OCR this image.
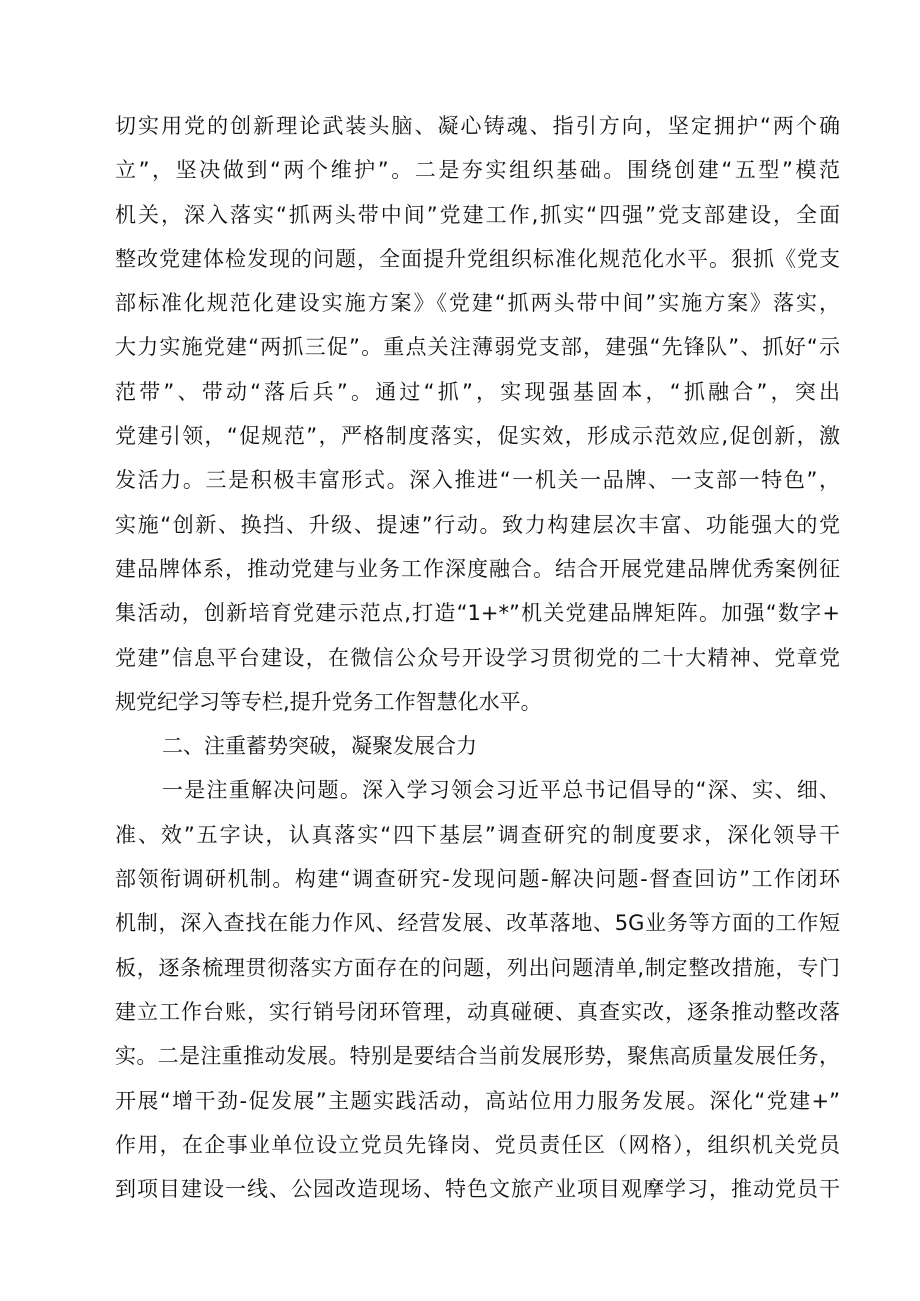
切实用党的创新理论武装头脑、凝心铸魂、指引方向，坚定拥护“两个确
立”，坚决做到“两个维护”。二是夯实组织基础。围绕创建“五型”模范
机关，深入落实“抓两头带中间”党建工作,抓实“四强”党支部建设，全面
整改党建体检发现的问题，全面提升党组织标准化规范化水平。狠抓《党支
部标准化规范化建设实施方案》《党建“抓两头带中间”实施方案》落实，
大力实施党建“两抓三促”。重点关注薄弱党支部，建强“先锋队”、抓好“示
范带”、带动“落后兵”。通过“抓”，实现强基固本，“抓融合”，突出
党建引领，“促规范”，严格制度落实，促实效，形成示范效应,促创新，激
发活力。三是积极丰富形式。深入推进“一机关一品牌、一支部一特色”，
实施“创新、换挡、升级、提速”行动。致力构建层次丰富、功能强大的党
建品牌体系，推动党建与业务工作深度融合。结合开展党建品牌优秀案例征
集活动，创新培育党建示范点,打造“1+*”机关党建品牌矩阵。加强“数字+
党建”信息平台建设，在微信公众号开设学习贯彻党的二十大精神、党章党
规党纪学习等专栏,提升党务工作智慧化水平。
二、注重蓄势突破，凝聚发展合力
一是注重解决问题。深入学习领会习近平总书记倡导的“深、实、细、
准、效”五字诀，认真落实“四下基层”调查研究的制度要求，深化领导干
部领衔调研机制。构建“调查研究-发现问题-解决问题-督查回访”工作闭环
机制，深入查找在能力作风、经营发展、改革落地、5G业务等方面的工作短
板，逐条梳理贯彻落实方面存在的问题，列出问题清单,制定整改措施，专门
建立工作台账，实行销号闭环管理，动真碰硬、真查实改，逐条推动整改落
实。二是注重推动发展。特别是要结合当前发展形势，聚焦高质量发展任务，
开展“增干劲-促发展”主题实践活动，高站位用力服务发展。深化“党建+”
作用，在企事业单位设立党员先锋岗、党员责任区（网格），组织机关党员
到项目建设一线、公园改造现场、特色文旅产业项目观摩学习，推动党员干
